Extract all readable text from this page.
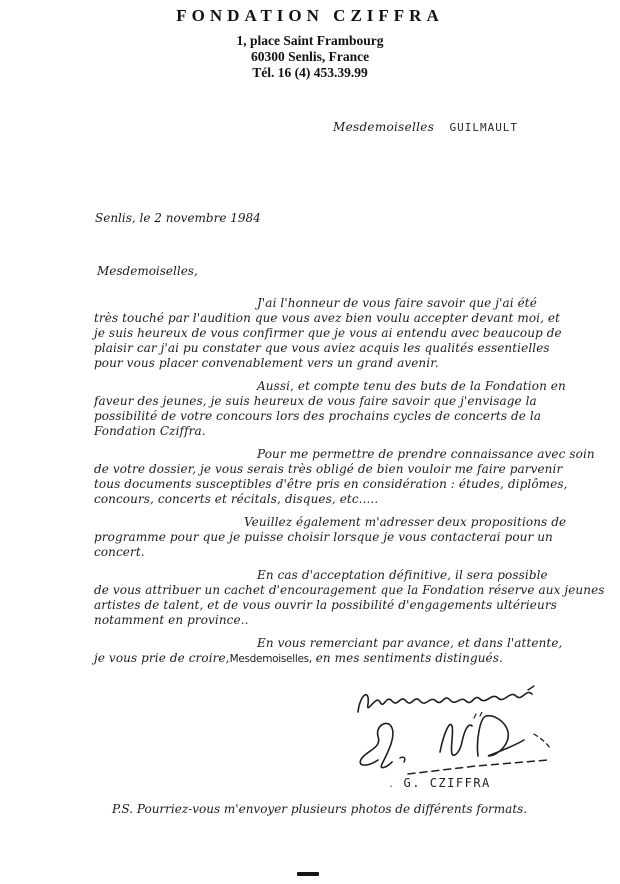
FONDATION CZIFFRA
1, place Saint Frambourg
60300 Senlis, France
Tél. 16 (4) 453.39.99
Mesdemoiselles GUILMAULT
Senlis, le 2 novembre 1984
Mesdemoiselles,
J'ai l'honneur de vous faire savoir que j'ai été
très touché par l'audition que vous avez bien voulu accepter devant moi, et
je suis heureux de vous confirmer que je vous ai entendu avec beaucoup de
plaisir car j'ai pu constater que vous aviez acquis les qualités essentielles
pour vous placer convenablement vers un grand avenir.
Aussi, et compte tenu des buts de la Fondation en
faveur des jeunes, je suis heureux de vous faire savoir que j'envisage la
possibilité de votre concours lors des prochains cycles de concerts de la
Fondation Cziffra.
Pour me permettre de prendre connaissance avec soin
de votre dossier, je vous serais très obligé de bien vouloir me faire parvenir
tous documents susceptibles d'être pris en considération : études, diplômes,
concours, concerts et récitals, disques, etc.....
Veuillez également m'adresser deux propositions de
programme pour que je puisse choisir lorsque je vous contacterai pour un
concert.
En cas d'acceptation définitive, il sera possible
de vous attribuer un cachet d'encouragement que la Fondation réserve aux jeunes
artistes de talent, et de vous ouvrir la possibilité d'engagements ultérieurs
notamment en province..
En vous remerciant par avance, et dans l'attente,
je vous prie de croire,Mesdemoiselles, en mes sentiments distingués.
. G. CZIFFRA
P.S. Pourriez-vous m'envoyer plusieurs photos de différents formats.
